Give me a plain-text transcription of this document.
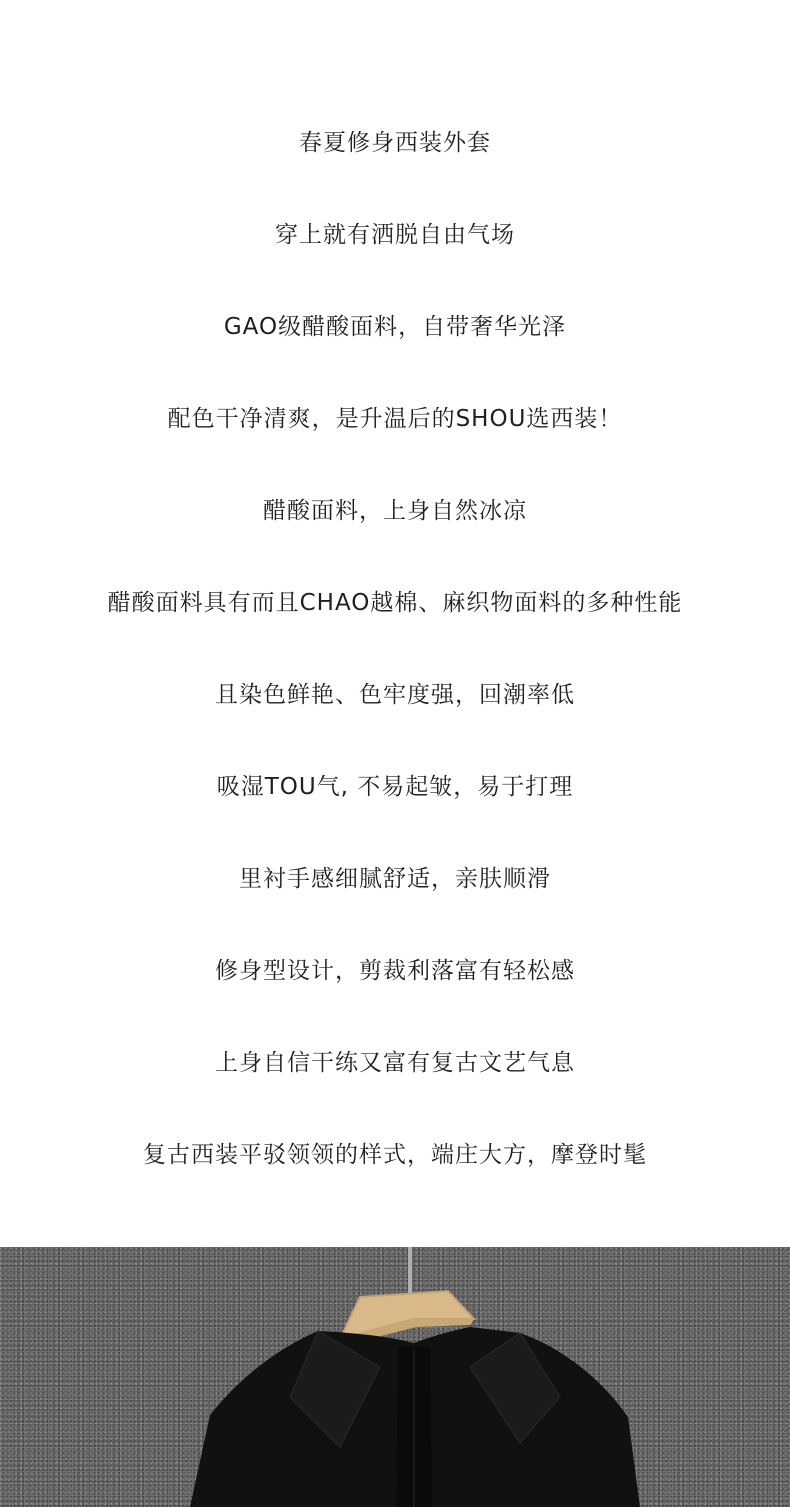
春夏修身西装外套
穿上就有洒脱自由气场
GAO级醋酸面料，自带奢华光泽
配色干净清爽，是升温后的SHOU选西装！
醋酸面料，上身自然冰凉
醋酸面料具有而且CHAO越棉、麻织物面料的多种性能
且染色鲜艳、色牢度强，回潮率低
吸湿TOU气, 不易起皱，易于打理
里衬手感细腻舒适，亲肤顺滑
修身型设计，剪裁利落富有轻松感
上身自信干练又富有复古文艺气息
复古西装平驳领领的样式，端庄大方，摩登时髦
